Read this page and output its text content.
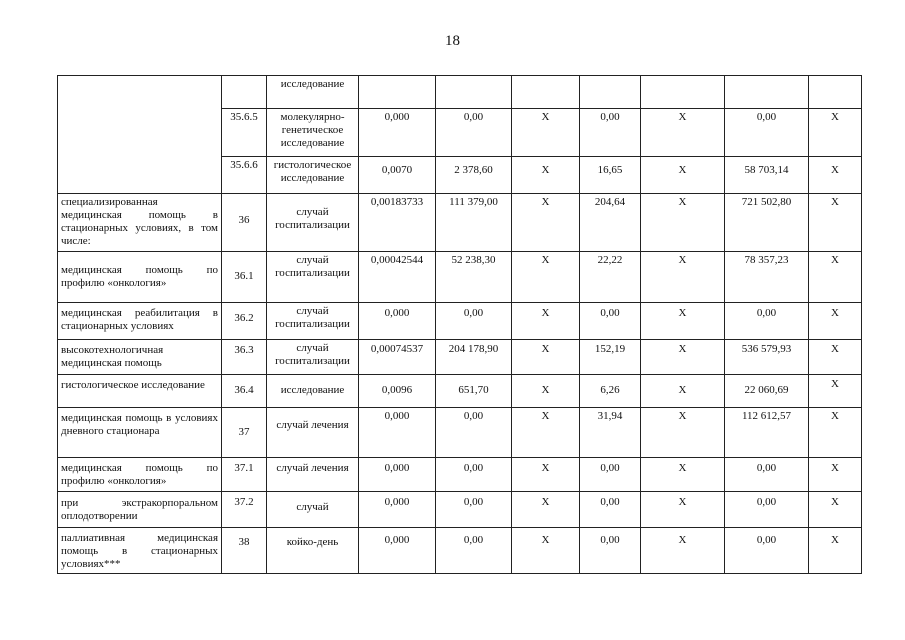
18
		исследование							
	35.6.5	молекулярно-генетическое исследование	0,000	0,00	Х	0,00	Х	0,00	Х
	35.6.6	гистологическое исследование	0,0070	2 378,60	Х	16,65	Х	58 703,14	Х
специализированная медицинская помощь в стационарных условиях, в том числе:	36	случай госпитализации	0,00183733	111 379,00	Х	204,64	Х	721 502,80	Х
медицинская помощь по профилю «онкология»	36.1	случай госпитализации	0,00042544	52 238,30	Х	22,22	Х	78 357,23	Х
медицинская реабилитация в стационарных условиях	36.2	случай госпитализации	0,000	0,00	Х	0,00	Х	0,00	Х
высокотехнологичная медицинская помощь	36.3	случай госпитализации	0,00074537	204 178,90	Х	152,19	Х	536 579,93	Х
гистологическое исследование	36.4	исследование	0,0096	651,70	Х	6,26	Х	22 060,69	Х
медицинская помощь в условиях дневного стационара	37	случай лечения	0,000	0,00	Х	31,94	Х	112 612,57	Х
медицинская помощь по профилю «онкология»	37.1	случай лечения	0,000	0,00	Х	0,00	Х	0,00	Х
при экстракорпоральном оплодотворении	37.2	случай	0,000	0,00	Х	0,00	Х	0,00	Х
паллиативная медицинская помощь в стационарных условиях***	38	койко-день	0,000	0,00	Х	0,00	Х	0,00	Х
